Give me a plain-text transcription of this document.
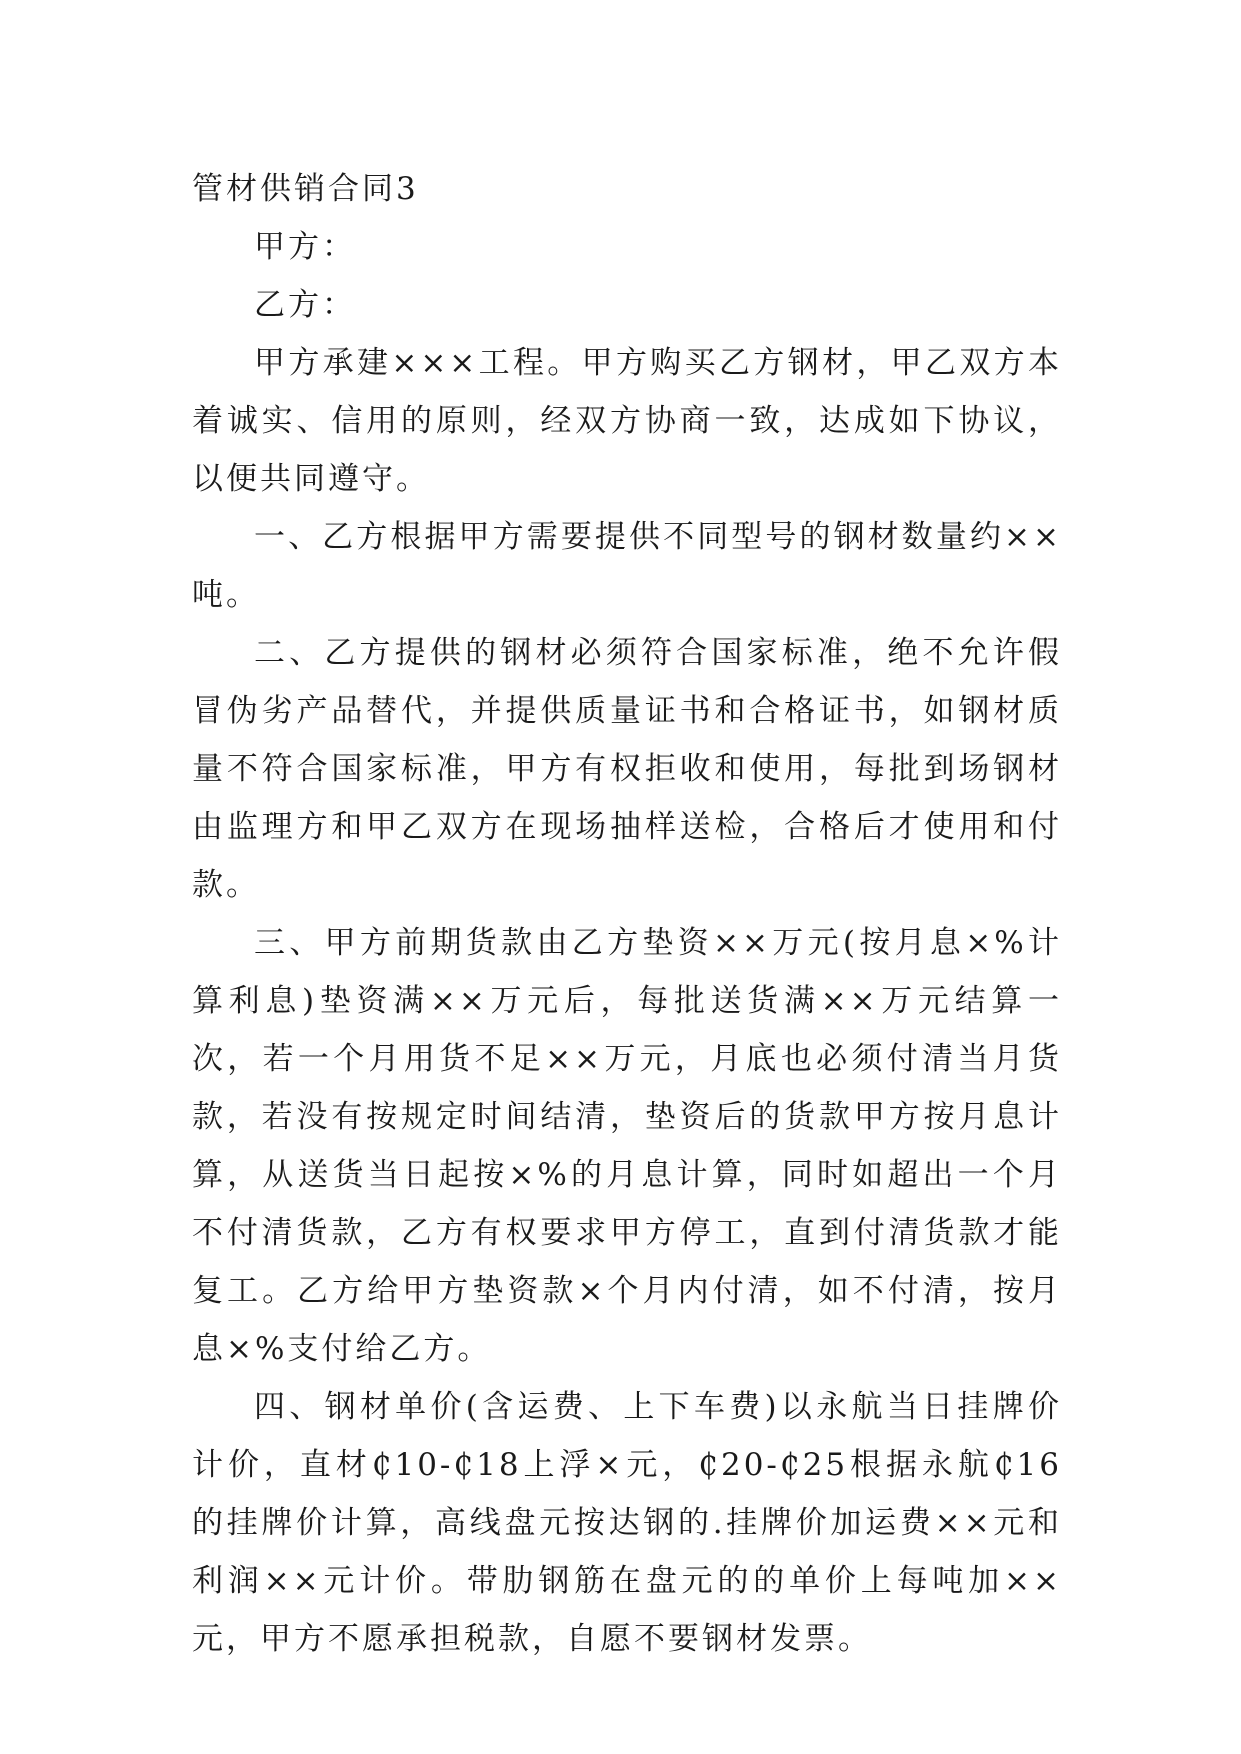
管材供销合同3

甲方：

乙方：

甲方承建×××工程。甲方购买乙方钢材，甲乙双方本着诚实、信用的原则，经双方协商一致，达成如下协议，以便共同遵守。

一、乙方根据甲方需要提供不同型号的钢材数量约××吨。

二、乙方提供的钢材必须符合国家标准，绝不允许假冒伪劣产品替代，并提供质量证书和合格证书，如钢材质量不符合国家标准，甲方有权拒收和使用，每批到场钢材由监理方和甲乙双方在现场抽样送检，合格后才使用和付款。

三、甲方前期货款由乙方垫资××万元(按月息×%计算利息)垫资满××万元后，每批送货满××万元结算一次，若一个月用货不足××万元，月底也必须付清当月货款，若没有按规定时间结清，垫资后的货款甲方按月息计算，从送货当日起按×%的月息计算，同时如超出一个月不付清货款，乙方有权要求甲方停工，直到付清货款才能复工。乙方给甲方垫资款×个月内付清，如不付清，按月息×%支付给乙方。

四、钢材单价(含运费、上下车费)以永航当日挂牌价计价，直材₵10-₵18上浮×元，₵20-₵25根据永航₵16的挂牌价计算，高线盘元按达钢的.挂牌价加运费××元和利润××元计价。带肋钢筋在盘元的的单价上每吨加××元，甲方不愿承担税款，自愿不要钢材发票。
